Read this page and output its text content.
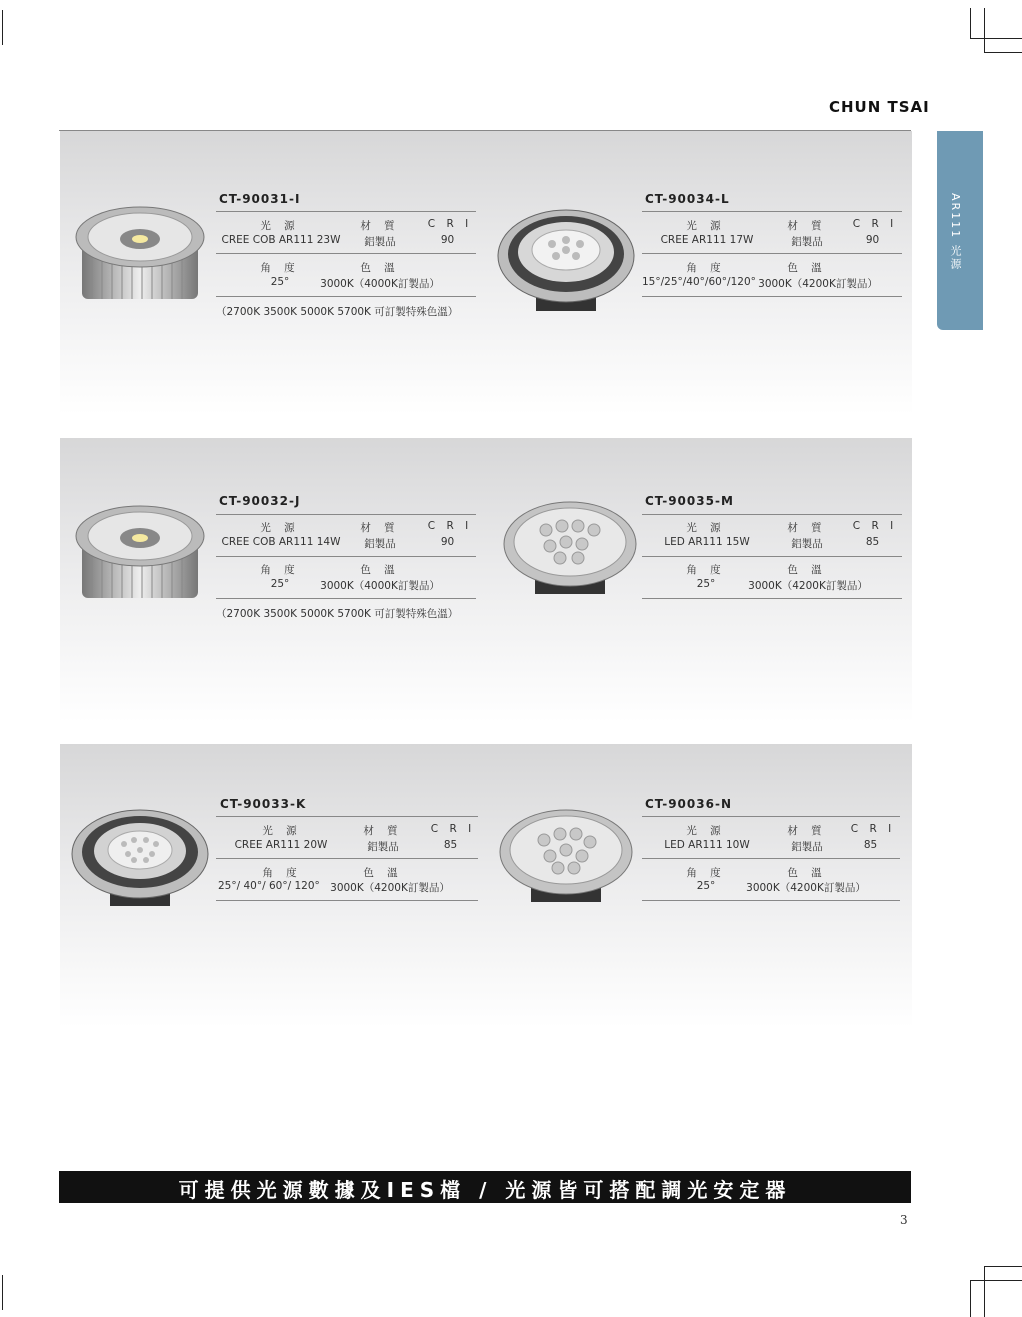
CHUN TSAI
AR111 光源
CT-90031-I
光 源	材 質	C R I
CREE COB AR111 23W	鋁製品	90
角 度	色 溫
25°	3000K（4000K訂製品）
（2700K 3500K 5000K 5700K 可訂製特殊色溫）
CT-90034-L
光 源	材 質	C R I
CREE AR111 17W	鋁製品	90
角 度	色 溫
15°/25°/40°/60°/120° 3000K（4200K訂製品）
CT-90032-J
光 源	材 質	C R I
CREE COB AR111 14W	鋁製品	90
角 度	色 溫
25°	3000K（4000K訂製品）
（2700K 3500K 5000K 5700K 可訂製特殊色溫）
CT-90035-M
光 源	材 質	C R I
LED AR111 15W	鋁製品	85
角 度	色 溫
25°	3000K（4200K訂製品）
CT-90033-K
光 源	材 質	C R I
CREE AR111 20W	鋁製品	85
角 度	色 溫
25°/ 40°/ 60°/ 120° 3000K（4200K訂製品）
CT-90036-N
光 源	材 質	C R I
LED AR111 10W	鋁製品	85
角 度	色 溫
25°	3000K（4200K訂製品）
可提供光源數據及IES檔 / 光源皆可搭配調光安定器
3
